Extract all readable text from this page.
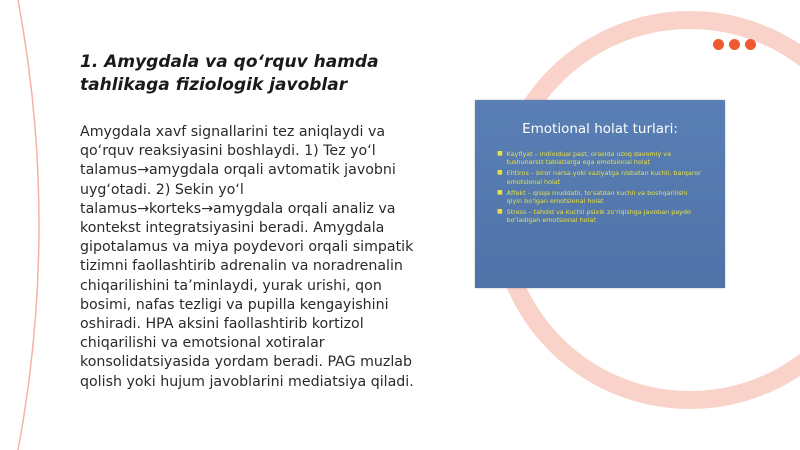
1. Amygdala va qo‘rquv hamda tahlikaga fiziologik javoblar
Amygdala xavf signallarini tez aniqlaydi va qo‘rquv reaksiyasini boshlaydi. 1) Tez yo‘l talamus→amygdala orqali avtomatik javobni uyg‘otadi. 2) Sekin yo‘l talamus→korteks→amygdala orqali analiz va kontekst integratsiyasini beradi. Amygdala gipotalamus va miya poydevori orqali simpatik tizimni faollashtirib adrenalin va noradrenalin chiqarilishini ta’minlaydi, yurak urishi, qon bosimi, nafas tezligi va pupilla kengayishini oshiradi. HPA aksini faollashtirib kortizol chiqarilishi va emotsional xotiralar konsolidatsiyasida yordam beradi. PAG muzlab qolish yoki hujum javoblarini mediatsiya qiladi.
Emotional holat turlari:
■ Kayfiyat – individual past, orasida uzoq davomiy va tushunarsiz tabiatlarga ega emotsional holat
■ Ehtiros – biror narsa yoki vaziyatga nisbatan kuchli, barqaror emotsional holat
■ Affekt – qisqa muddatli, to‘satdan kuchli va boshqarilishi qiyin bo‘lgan emotsional holat
■ Stress – tahdid va kuchli psixik zo‘riqishga javoban paydo bo‘ladigan emotsional holat
